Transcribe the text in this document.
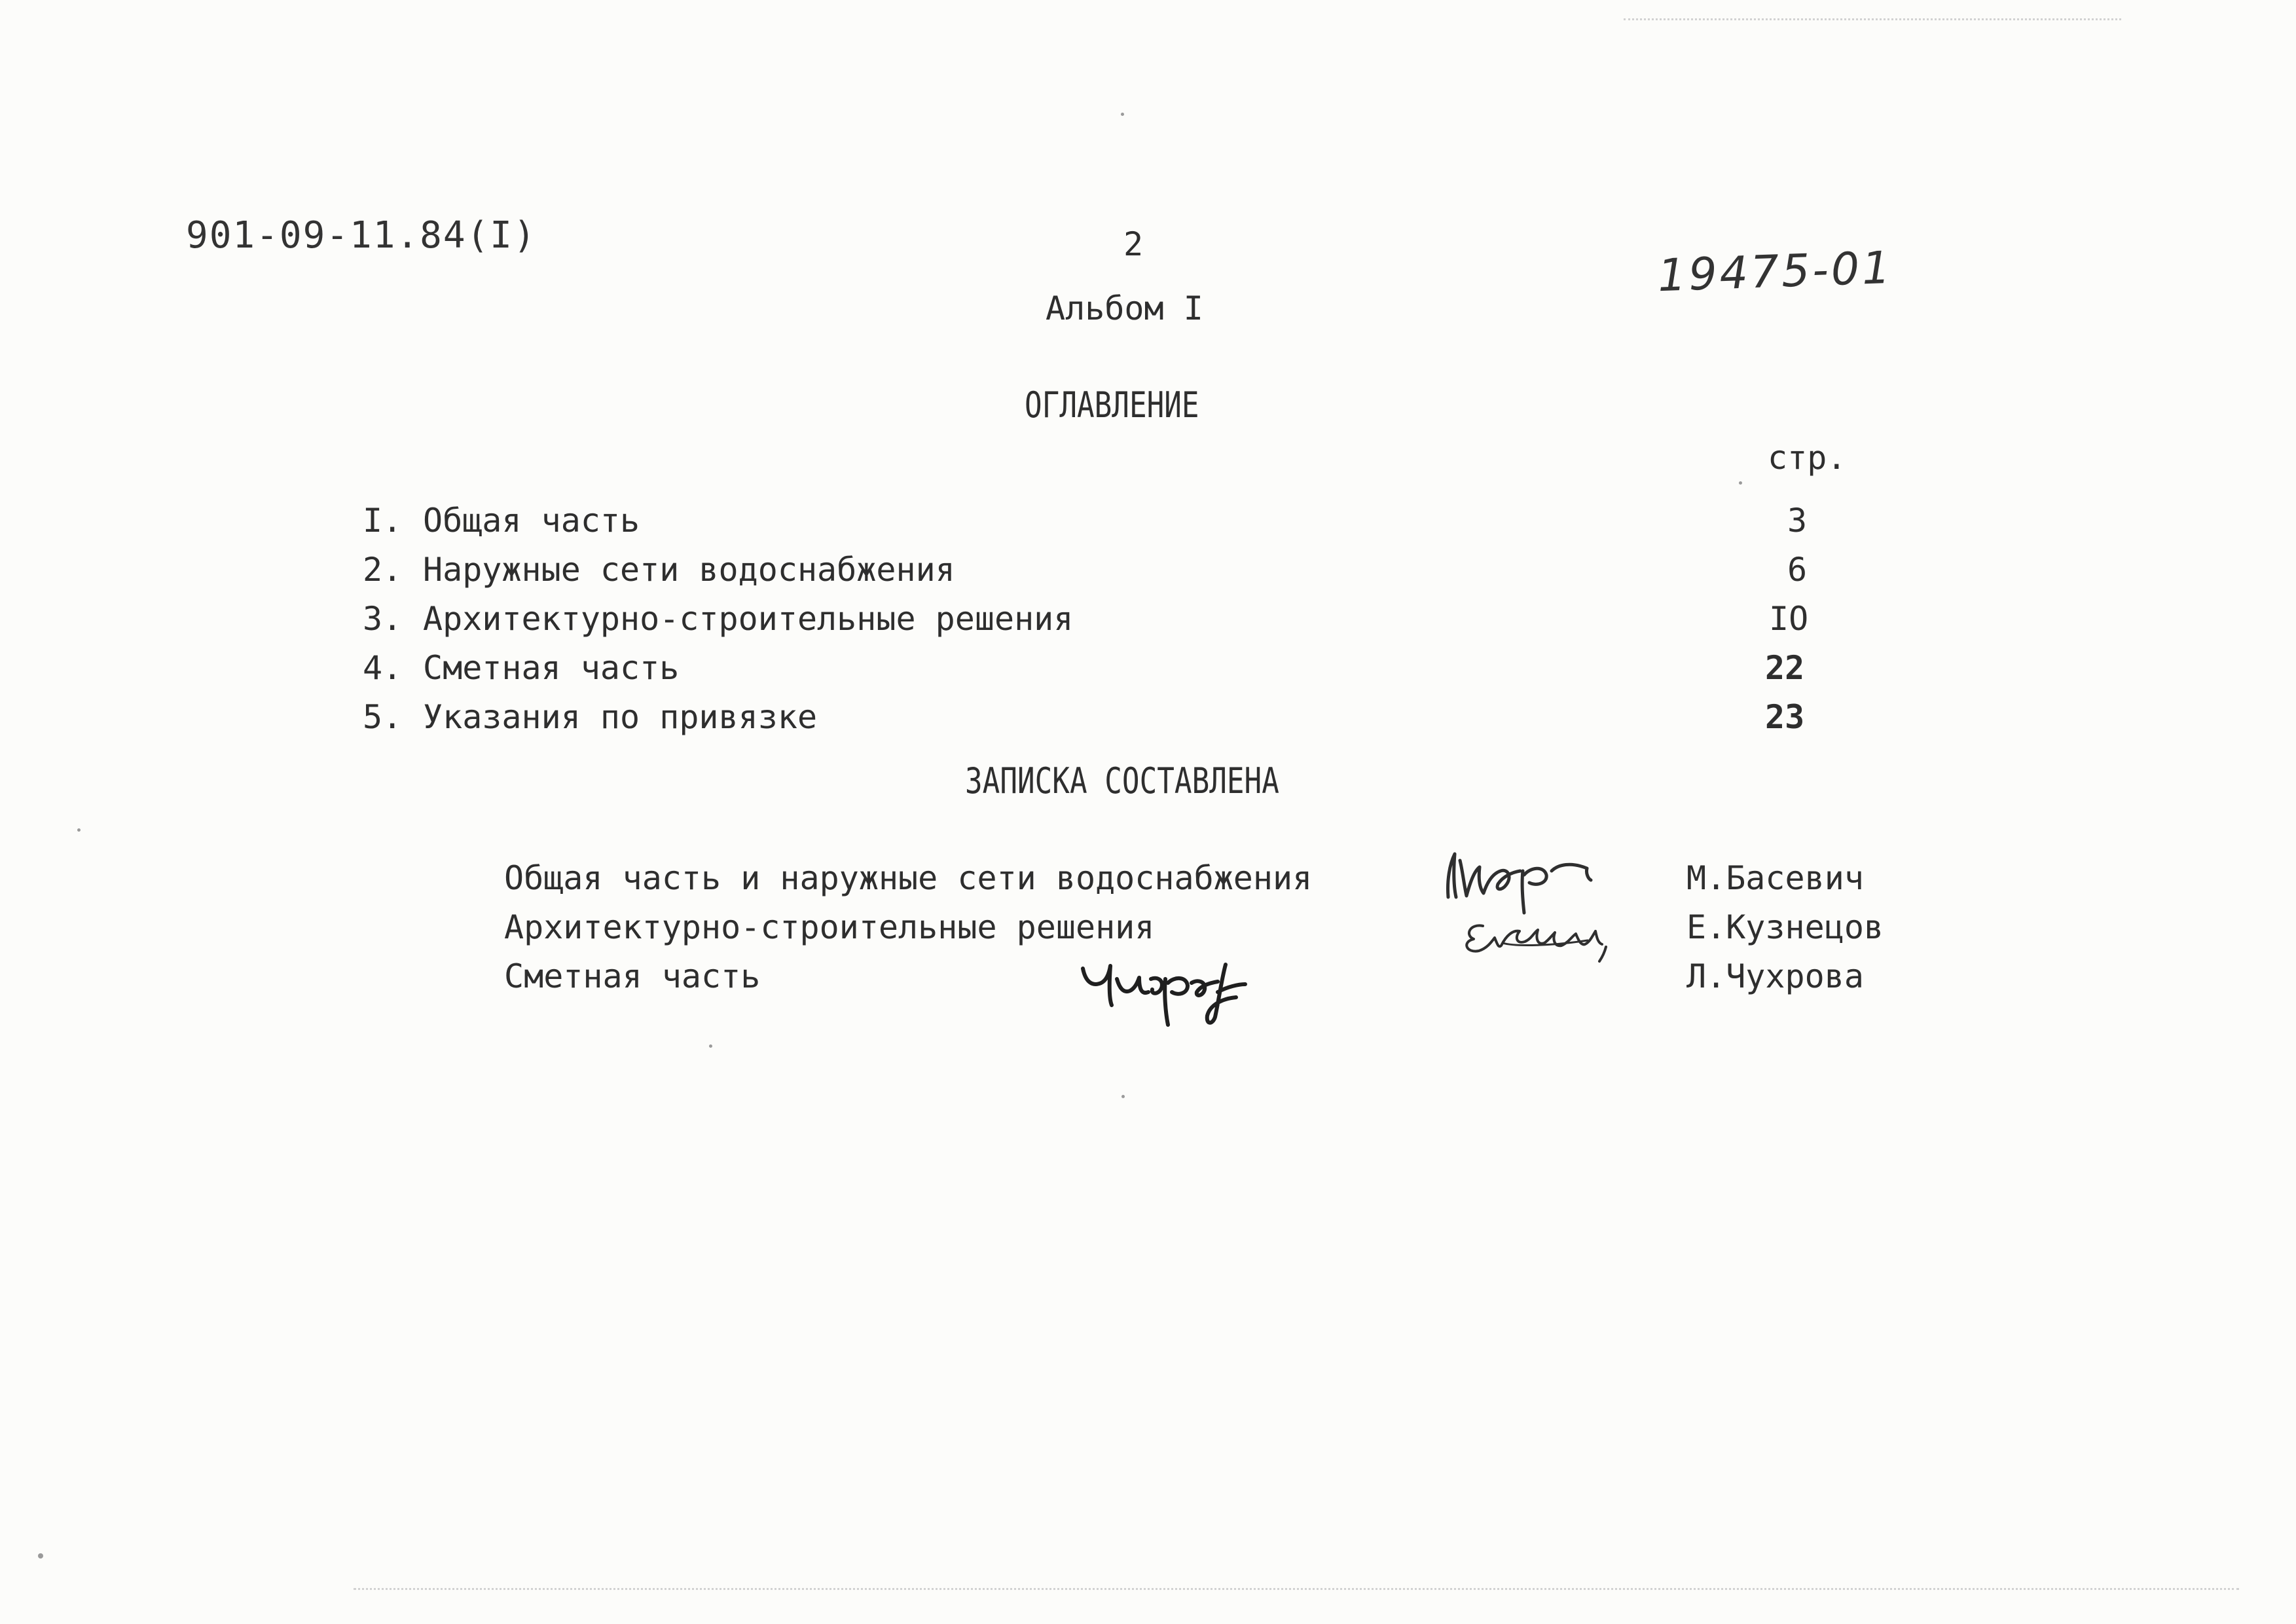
901-09-11.84(I)	2	19475-01
Альбом I
ОГЛАВЛЕНИЕ
стр.
I. Общая часть	3
2. Наружные сети водоснабжения	6
3. Архитектурно-строительные решения	IO
4. Сметная часть	22
5. Указания по привязке	23
ЗАПИСКА СОСТАВЛЕНА
Общая часть и наружные сети водоснабжения	М.Басевич
Архитектурно-строительные решения	Е.Кузнецов
Сметная часть	Л.Чухрова
